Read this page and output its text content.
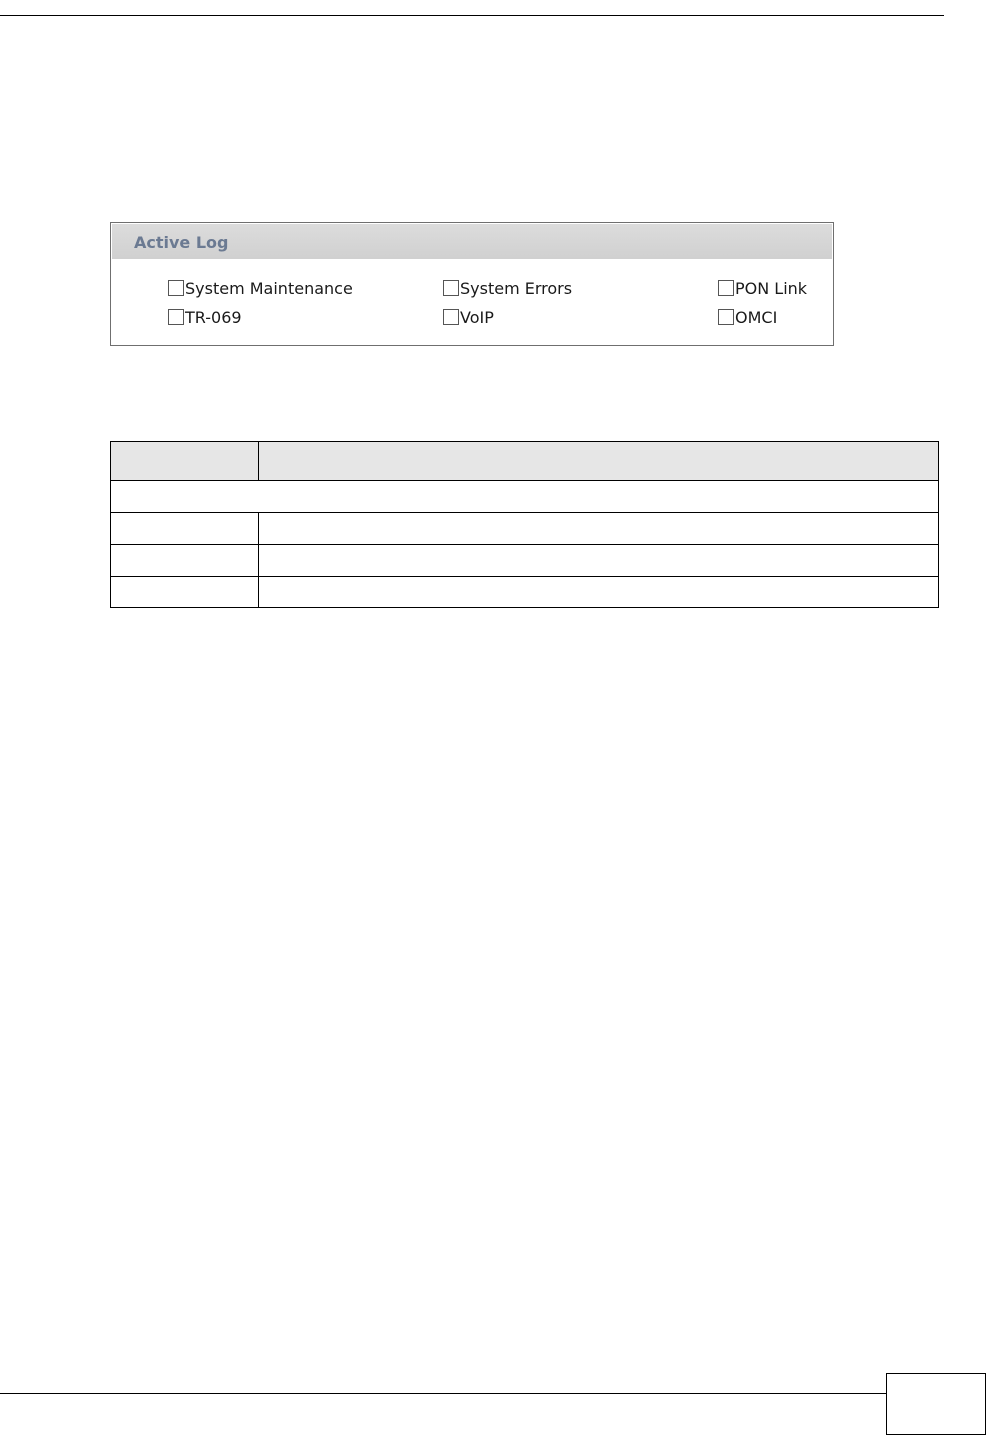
Active Log
System Maintenance	System Errors	PON Link
TR-069	VoIP	OMCI
